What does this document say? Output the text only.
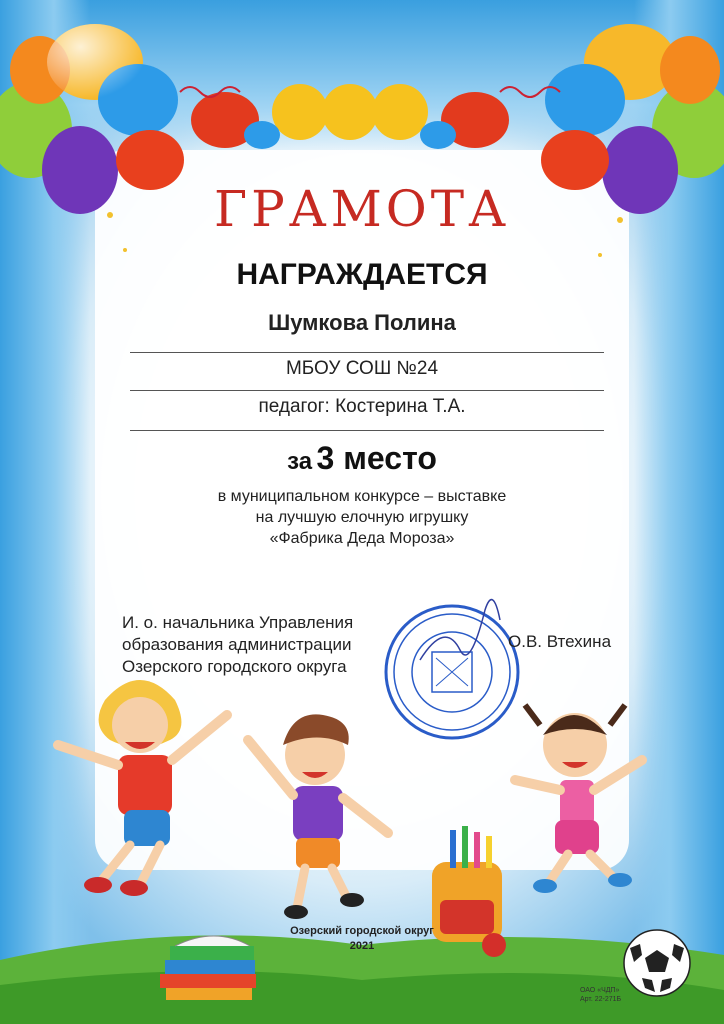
ГРАМОТА
НАГРАЖДАЕТСЯ
Шумкова Полина
МБОУ СОШ №24
педагог: Костерина Т.А.
за 3 место
в муниципальном конкурсе – выставке
на лучшую елочную игрушку
«Фабрика Деда Мороза»
И. о. начальника Управления
образования администрации
Озерского городского округа
О.В. Втехина
Озерский городской округ
2021
ОАО «ЧДП»
Арт. 22-271Б
